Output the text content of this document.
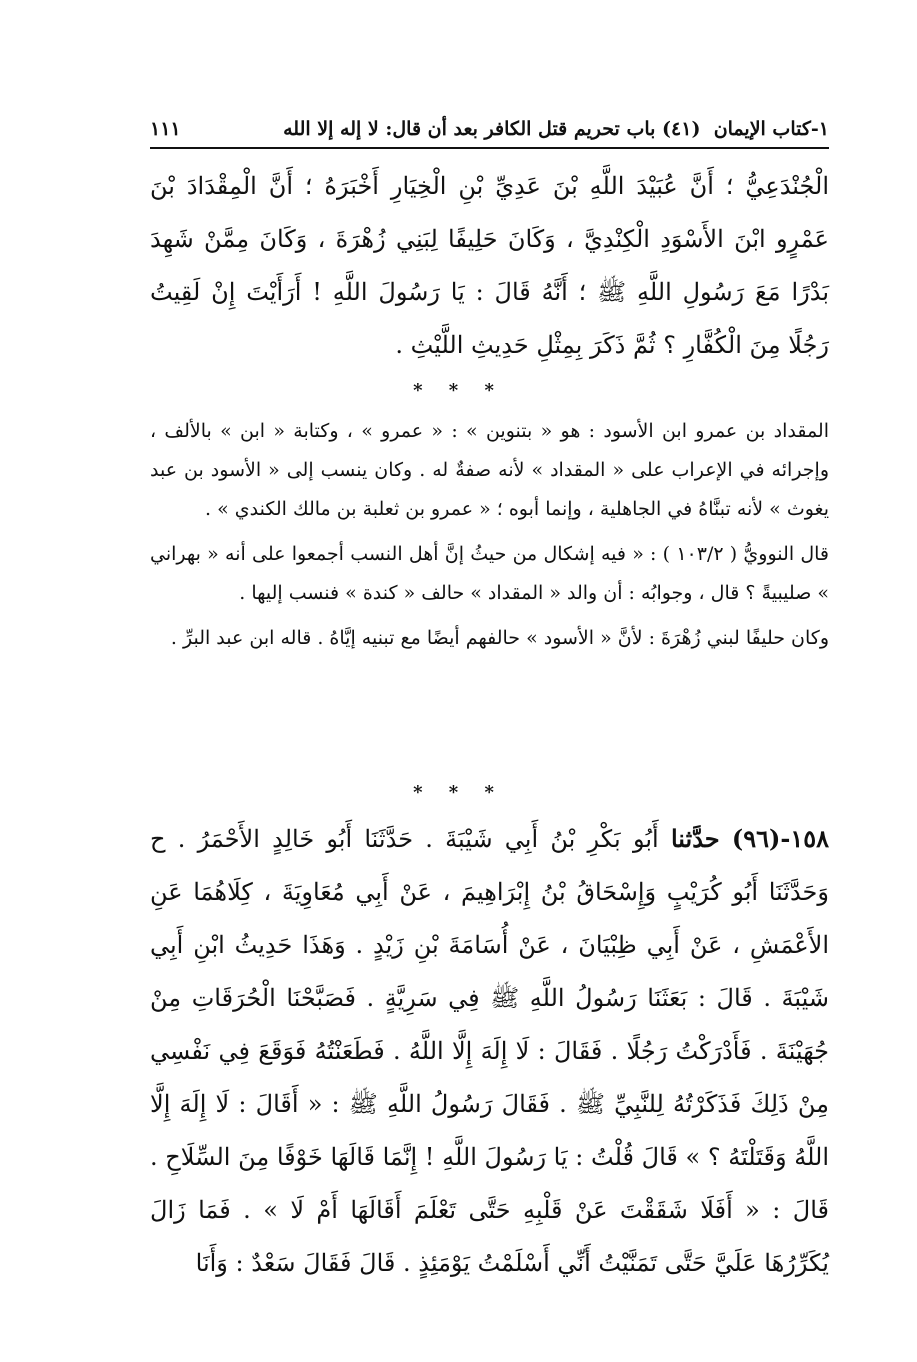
١-كتاب الإيمان  (٤١) باب تحريم قتل الكافر بعد أن قال: لا إله إلا الله
١١١

الْجُنْدَعِيُّ ؛ أَنَّ عُبَيْدَ اللَّهِ بْنَ عَدِيِّ بْنِ الْخِيَارِ أَخْبَرَهُ ؛ أَنَّ الْمِقْدَادَ بْنَ عَمْرٍو ابْنَ الأَسْوَدِ الْكِنْدِيَّ ، وَكَانَ حَلِيفًا لِبَنِي زُهْرَةَ ، وَكَانَ مِمَّنْ شَهِدَ بَدْرًا مَعَ رَسُولِ اللَّهِ ﷺ ؛ أَنَّهُ قَالَ : يَا رَسُولَ اللَّهِ ! أَرَأَيْتَ إِنْ لَقِيتُ رَجُلًا مِنَ الْكُفَّارِ ؟ ثُمَّ ذَكَرَ بِمِثْلِ حَدِيثِ اللَّيْثِ .

* * *

المقداد بن عمرو ابن الأسود : هو « بتنوين » : « عمرو » ، وكتابة « ابن » بالألف ، وإجرائه في الإعراب على « المقداد » لأنه صفةٌ له . وكان ينسب إلى « الأسود بن عبد يغوث » لأنه تبنَّاهُ في الجاهلية ، وإنما أبوه ؛ « عمرو بن ثعلبة بن مالك الكندي » .

قال النوويُّ ( ١٠٣/٢ ) : « فيه إشكال من حيثُ إنَّ أهل النسب أجمعوا على أنه « بهراني » صليبيةً ؟ قال ، وجوابُه : أن والد « المقداد » حالف « كندة » فنسب إليها .

وكان حليفًا لبني زُهْرَةَ : لأنَّ « الأسود » حالفهم أيضًا مع تبنيه إيَّاهُ . قاله ابن عبد البرِّ .

* * *

١٥٨-(٩٦) حدَّثنا أَبُو بَكْرِ بْنُ أَبِي شَيْبَةَ . حَدَّثَنَا أَبُو خَالِدٍ الأَحْمَرُ . ح وَحَدَّثَنَا أَبُو كُرَيْبٍ وَإِسْحَاقُ بْنُ إِبْرَاهِيمَ ، عَنْ أَبِي مُعَاوِيَةَ ، كِلَاهُمَا عَنِ الأَعْمَشِ ، عَنْ أَبِي ظِبْيَانَ ، عَنْ أُسَامَةَ بْنِ زَيْدٍ . وَهَذَا حَدِيثُ ابْنِ أَبِي شَيْبَةَ . قَالَ : بَعَثَنَا رَسُولُ اللَّهِ ﷺ فِي سَرِيَّةٍ . فَصَبَّحْنَا الْحُرَقَاتِ مِنْ جُهَيْنَةَ . فَأَدْرَكْتُ رَجُلًا . فَقَالَ : لَا إِلَهَ إِلَّا اللَّهُ . فَطَعَنْتُهُ فَوَقَعَ فِي نَفْسِي مِنْ ذَلِكَ فَذَكَرْتُهُ لِلنَّبِيِّ ﷺ . فَقَالَ رَسُولُ اللَّهِ ﷺ : « أَقَالَ : لَا إِلَهَ إِلَّا اللَّهُ وَقَتَلْتَهُ ؟ » قَالَ قُلْتُ : يَا رَسُولَ اللَّهِ ! إِنَّمَا قَالَهَا خَوْفًا مِنَ السِّلَاحِ . قَالَ : « أَفَلَا شَقَقْتَ عَنْ قَلْبِهِ حَتَّى تَعْلَمَ أَقَالَهَا أَمْ لَا » . فَمَا زَالَ يُكَرِّرُهَا عَلَيَّ حَتَّى تَمَنَّيْتُ أَنِّي أَسْلَمْتُ يَوْمَئِذٍ . قَالَ فَقَالَ سَعْدٌ : وَأَنَا
